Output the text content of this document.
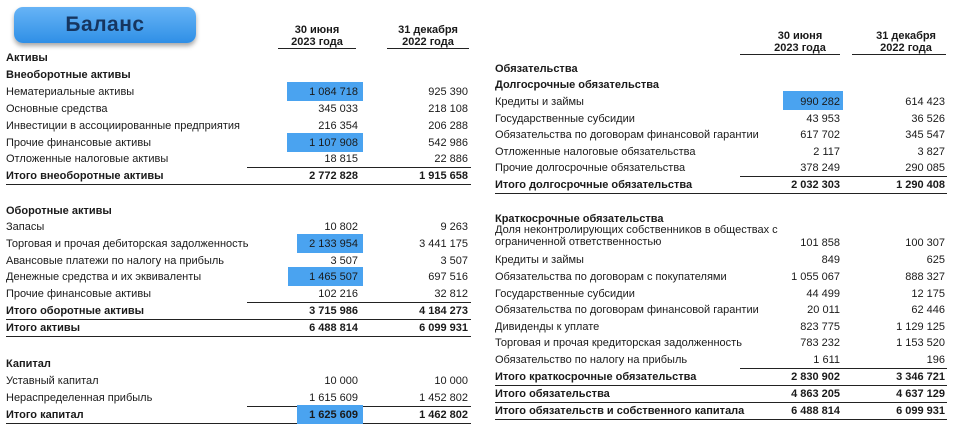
Баланс	30 июня
2023 года
31 декабря
2022 года	30 июня
2023 года
31 декабря
2022 года
Активы
Внеоборотные активы
Нематериальные активы	1 084 718	925 390
Основные средства	345 033	218 108
Инвестиции в ассоциированные предприятия	216 354	206 288
Прочие финансовые активы	1 107 908	542 986
Отложенные налоговые активы	18 815	22 886
Итого внеоборотные активы	2 772 828	1 915 658
Оборотные активы
Запасы	10 802	9 263
Торговая и прочая дебиторская задолженность	2 133 954	3 441 175
Авансовые платежи по налогу на прибыль	3 507	3 507
Денежные средства и их эквиваленты	1 465 507	697 516
Прочие финансовые активы	102 216	32 812
Итого оборотные активы	3 715 986	4 184 273
Итого активы	6 488 814	6 099 931
Капитал
Уставный капитал	10 000	10 000
Нераспределенная прибыль	1 615 609	1 452 802
Итого капитал	1 625 609	1 462 802
Обязательства
Долгосрочные обязательства
Кредиты и займы	990 282	614 423
Государственные субсидии	43 953	36 526
Обязательства по договорам финансовой гарантии	617 702	345 547
Отложенные налоговые обязательства	2 117	3 827
Прочие долгосрочные обязательства	378 249	290 085
Итого долгосрочные обязательства	2 032 303	1 290 408
Краткосрочные обязательства
Доля неконтролирующих собственников в обществах с
ограниченной ответственностью	101 858	100 307
Кредиты и займы	849	625
Обязательства по договорам с покупателями	1 055 067	888 327
Государственные субсидии	44 499	12 175
Обязательства по договорам финансовой гарантии	20 011	62 446
Дивиденды к уплате	823 775	1 129 125
Торговая и прочая кредиторская задолженность	783 232	1 153 520
Обязательство по налогу на прибыль	1 611	196
Итого краткосрочные обязательства	2 830 902	3 346 721
Итого обязательства	4 863 205	4 637 129
Итого обязательств и собственного капитала	6 488 814	6 099 931
